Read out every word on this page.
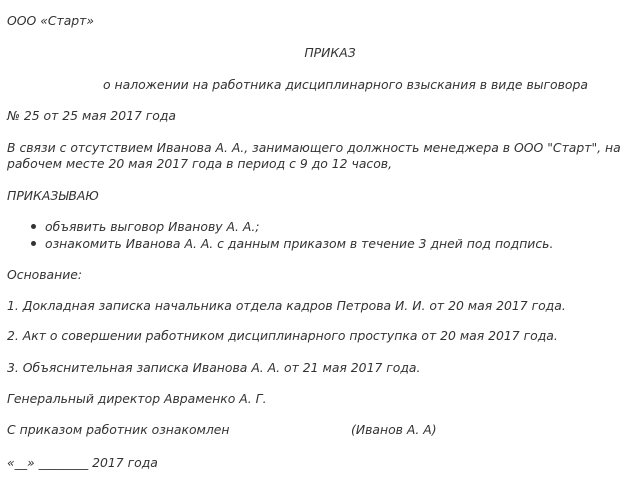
ООО «Старт»
ПРИКАЗ
о наложении на работника дисциплинарного взыскания в виде выговора
№ 25 от 25 мая 2017 года
В связи с отсутствием Иванова А. А., занимающего должность менеджера в ООО "Старт", на
рабочем месте 20 мая 2017 года в период с 9 до 12 часов,
ПРИКАЗЫВАЮ
объявить выговор Иванову А. А.;
ознакомить Иванова А. А. с данным приказом в течение 3 дней под подпись.
Основание:
1. Докладная записка начальника отдела кадров Петрова И. И. от 20 мая 2017 года.
2. Акт о совершении работником дисциплинарного проступка от 20 мая 2017 года.
3. Объяснительная записка Иванова А. А. от 21 мая 2017 года.
Генеральный директор Авраменко А. Г.
С приказом работник ознакомлен	(Иванов А. А)
«__» ________ 2017 года
